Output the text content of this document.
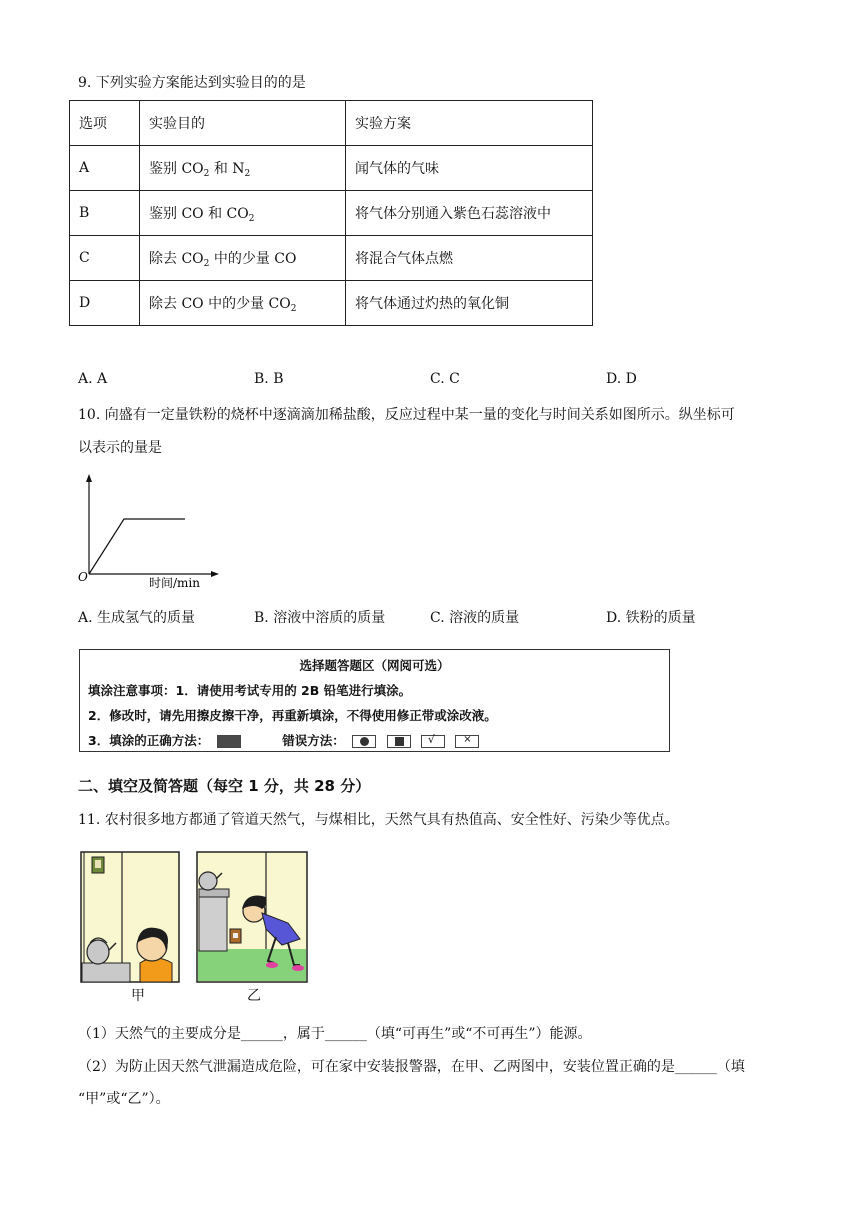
9. 下列实验方案能达到实验目的的是
选项	实验目的	实验方案
A	鉴别 $CO_2$ 和 $N_2$	闻气体的气味
B	鉴别 CO 和 $CO_2$	将气体分别通入紫色石蕊溶液中
C	除去 $CO_2$ 中的少量 CO	将混合气体点燃
D	除去 CO 中的少量 $CO_2$	将气体通过灼热的氧化铜
A. A	B. B	C. C	D. D
10. 向盛有一定量铁粉的烧杯中逐滴滴加稀盐酸，反应过程中某一量的变化与时间关系如图所示。纵坐标可
以表示的量是
O	时间/min
A. 生成氢气的质量	B. 溶液中溶质的质量	C. 溶液的质量	D. 铁粉的质量
选择题答题区（网阅可选）
填涂注意事项：1．请使用考试专用的 2B 铅笔进行填涂。
2．修改时，请先用擦皮擦干净，再重新填涂，不得使用修正带或涂改液。
3．填涂的正确方法：	错误方法：

	√
	×
二、填空及简答题（每空 1 分，共 28 分）
11. 农村很多地方都通了管道天然气，与煤相比，天然气具有热值高、安全性好、污染少等优点。
甲	乙
（1）天然气的主要成分是______，属于______（填“可再生”或“不可再生”）能源。
（2）为防止因天然气泄漏造成危险，可在家中安装报警器，在甲、乙两图中，安装位置正确的是______（填
“甲”或“乙”）。
